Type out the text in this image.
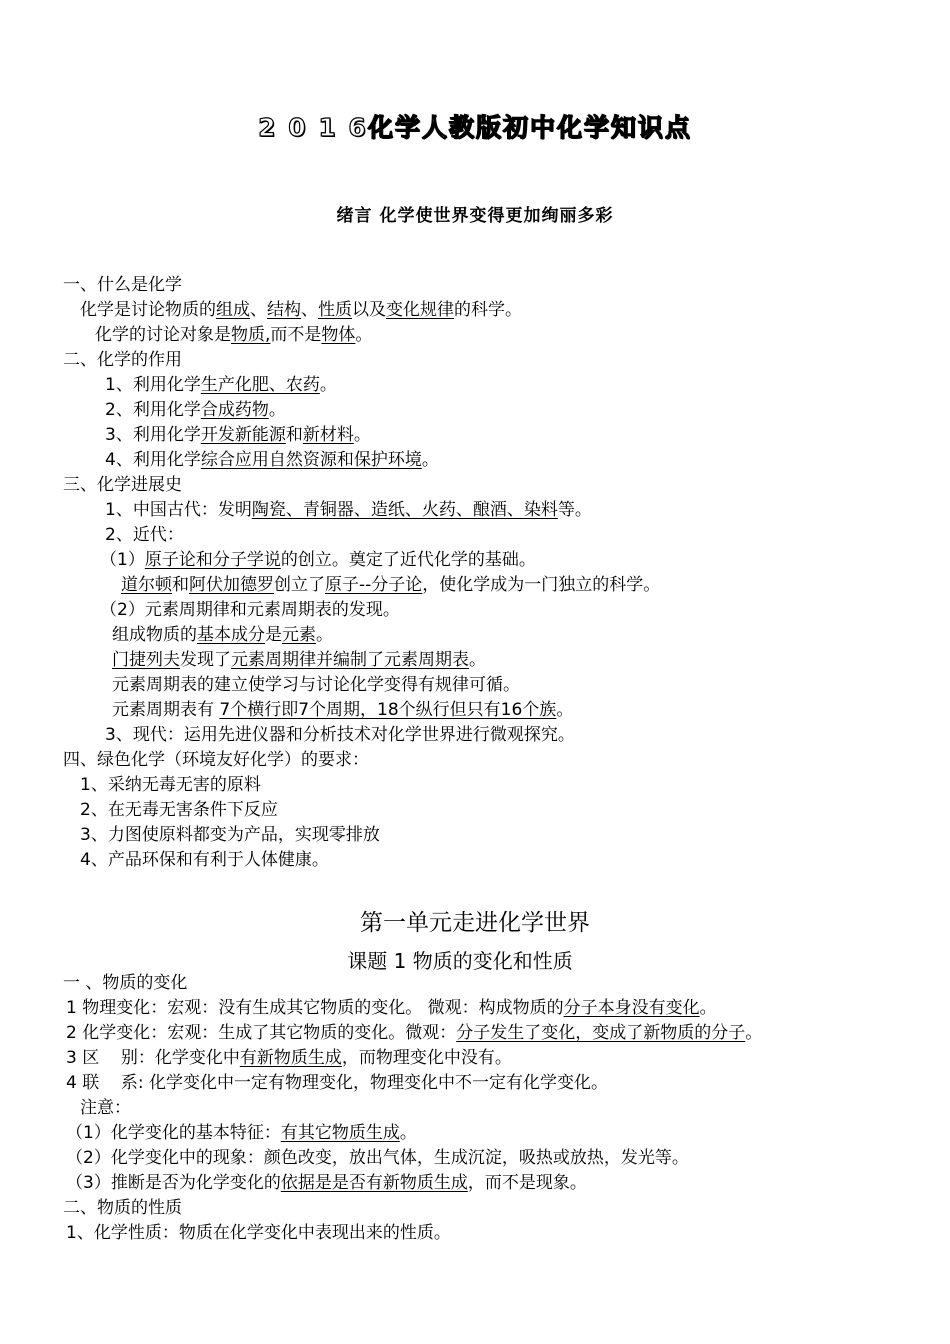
2 0 1 6化学人教版初中化学知识点
绪言 化学使世界变得更加绚丽多彩
一、什么是化学
化学是讨论物质的组成、结构、性质以及变化规律的科学。
化学的讨论对象是物质,而不是物体。
二、化学的作用
1、利用化学生产化肥、农药。
2、利用化学合成药物。
3、利用化学开发新能源和新材料。
4、利用化学综合应用自然资源和保护环境。
三、化学进展史
1、中国古代：发明陶瓷、青铜器、造纸、火药、酿酒、染料等。
2、近代：
（1）原子论和分子学说的创立。奠定了近代化学的基础。
道尔顿和阿伏加德罗创立了原子--分子论，使化学成为一门独立的科学。
（2）元素周期律和元素周期表的发现。
组成物质的基本成分是元素。
门捷列夫发现了元素周期律并编制了元素周期表。
元素周期表的建立使学习与讨论化学变得有规律可循。
元素周期表有 7个横行即7个周期，18个纵行但只有16个族。
3、现代：运用先进仪器和分析技术对化学世界进行微观探究。
四、绿色化学（环境友好化学）的要求：
1、采纳无毒无害的原料
2、在无毒无害条件下反应
3、力图使原料都变为产品，实现零排放
4、产品环保和有利于人体健康。
第一单元走进化学世界
课题 1 物质的变化和性质
一 、物质的变化
1 物理变化：宏观：没有生成其它物质的变化。 微观：构成物质的分子本身没有变化。
2 化学变化：宏观：生成了其它物质的变化。微观：分子发生了变化，变成了新物质的分子。
3 区    别：化学变化中有新物质生成，而物理变化中没有。
4 联    系: 化学变化中一定有物理变化，物理变化中不一定有化学变化。
注意：
（1）化学变化的基本特征：有其它物质生成。
（2）化学变化中的现象：颜色改变，放出气体，生成沉淀，吸热或放热，发光等。
（3）推断是否为化学变化的依据是是否有新物质生成，而不是现象。
二、物质的性质
1、化学性质：物质在化学变化中表现出来的性质。
